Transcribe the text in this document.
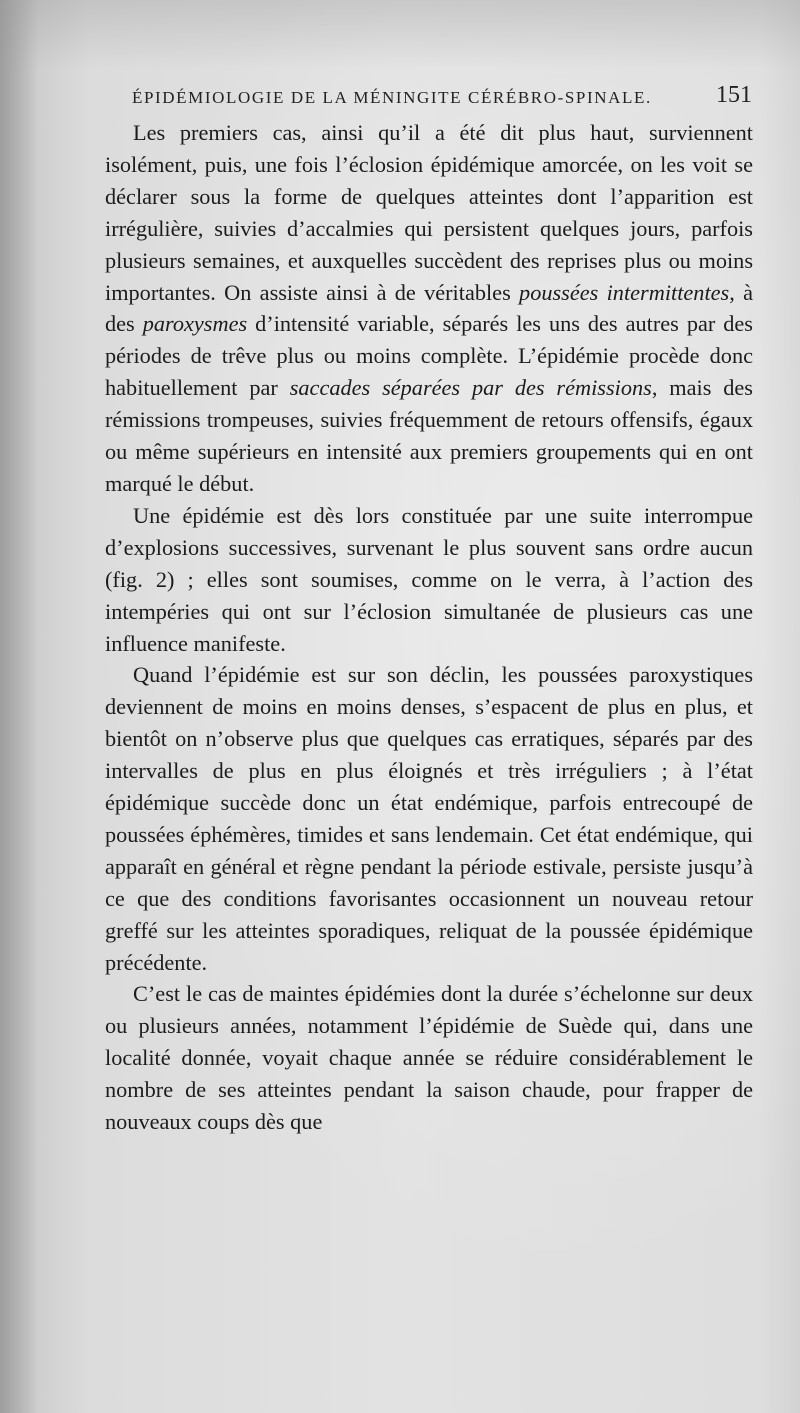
ÉPIDÉMIOLOGIE DE LA MÉNINGITE CÉRÉBRO-SPINALE.	151

Les premiers cas, ainsi qu’il a été dit plus haut, surviennent isolément, puis, une fois l’éclosion épidémique amorcée, on les voit se déclarer sous la forme de quelques atteintes dont l’apparition est irrégulière, suivies d’accalmies qui persistent quelques jours, parfois plusieurs semaines, et auxquelles succèdent des reprises plus ou moins importantes. On assiste ainsi à de véritables poussées intermittentes, à des paroxysmes d’intensité variable, séparés les uns des autres par des périodes de trêve plus ou moins complète. L’épidémie procède donc habituellement par saccades séparées par des rémissions, mais des rémissions trompeuses, suivies fréquemment de retours offensifs, égaux ou même supérieurs en intensité aux premiers groupements qui en ont marqué le début.

Une épidémie est dès lors constituée par une suite interrompue d’explosions successives, survenant le plus souvent sans ordre aucun (fig. 2) ; elles sont soumises, comme on le verra, à l’action des intempéries qui ont sur l’éclosion simultanée de plusieurs cas une influence manifeste.

Quand l’épidémie est sur son déclin, les poussées paroxystiques deviennent de moins en moins denses, s’espacent de plus en plus, et bientôt on n’observe plus que quelques cas erratiques, séparés par des intervalles de plus en plus éloignés et très irréguliers ; à l’état épidémique succède donc un état endémique, parfois entrecoupé de poussées éphémères, timides et sans lendemain. Cet état endémique, qui apparaît en général et règne pendant la période estivale, persiste jusqu’à ce que des conditions favorisantes occasionnent un nouveau retour greffé sur les atteintes sporadiques, reliquat de la poussée épidémique précédente.

C’est le cas de maintes épidémies dont la durée s’échelonne sur deux ou plusieurs années, notamment l’épidémie de Suède qui, dans une localité donnée, voyait chaque année se réduire considérablement le nombre de ses atteintes pendant la saison chaude, pour frapper de nouveaux coups dès que
